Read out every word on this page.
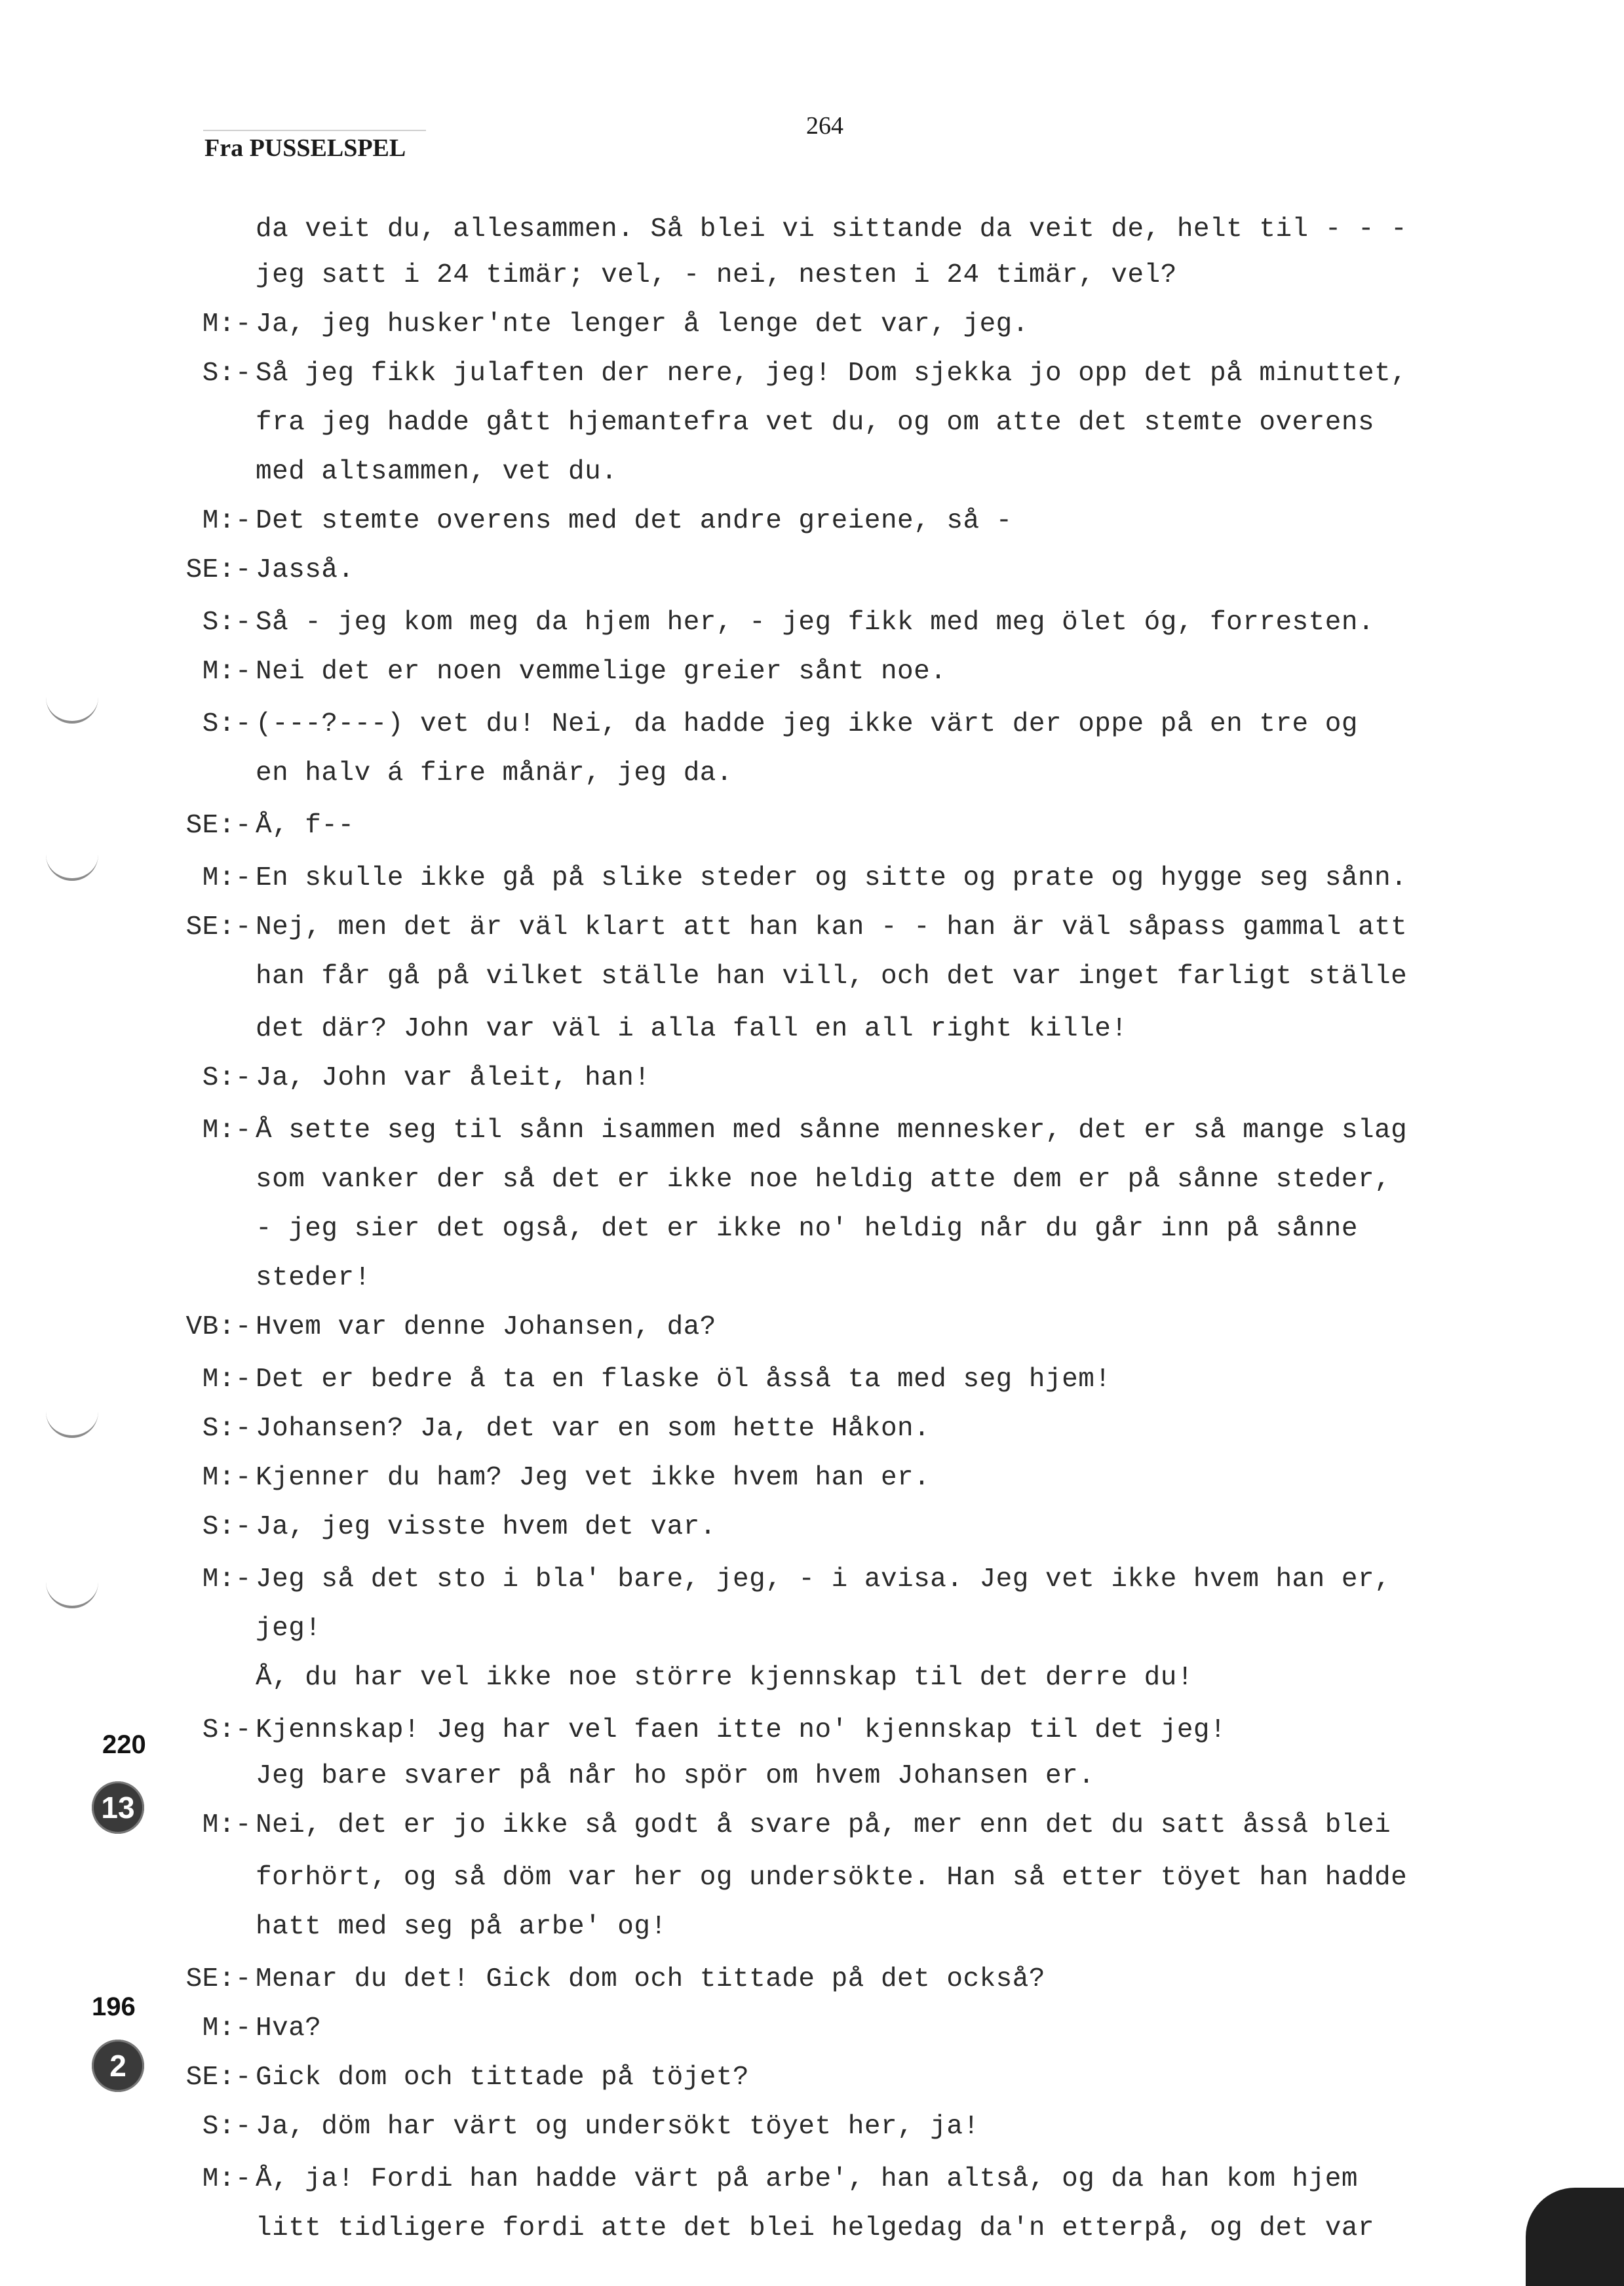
Fra PUSSELSPEL
264
220
13
196
2
da veit du, allesammen. Så blei vi sittande da veit de, helt til - - -
jeg satt i 24 timär; vel, - nei, nesten i 24 timär, vel?
M:- Ja, jeg husker'nte lenger å lenge det var, jeg.
S:- Så jeg fikk julaften der nere, jeg! Dom sjekka jo opp det på minuttet,
fra jeg hadde gått hjemantefra vet du, og om atte det stemte overens
med altsammen, vet du.
M:- Det stemte overens med det andre greiene, så -
SE:- Jasså.
S:- Så - jeg kom meg da hjem her, - jeg fikk med meg ölet óg, forresten.
M:- Nei det er noen vemmelige greier sånt noe.
S:- (---?---) vet du! Nei, da hadde jeg ikke värt der oppe på en tre og
en halv á fire månär, jeg da.
SE:- Å, f--
M:- En skulle ikke gå på slike steder og sitte og prate og hygge seg sånn.
SE:- Nej, men det är väl klart att han kan - - han är väl såpass gammal att
han får gå på vilket ställe han vill, och det var inget farligt ställe
det där? John var väl i alla fall en all right kille!
S:- Ja, John var åleit, han!
M:- Å sette seg til sånn isammen med sånne mennesker, det er så mange slag
som vanker der så det er ikke noe heldig atte dem er på sånne steder,
- jeg sier det også, det er ikke no' heldig når du går inn på sånne
steder!
VB:- Hvem var denne Johansen, da?
M:- Det er bedre å ta en flaske öl åsså ta med seg hjem!
S:- Johansen? Ja, det var en som hette Håkon.
M:- Kjenner du ham? Jeg vet ikke hvem han er.
S:- Ja, jeg visste hvem det var.
M:- Jeg så det sto i bla' bare, jeg, - i avisa. Jeg vet ikke hvem han er,
jeg!
Å, du har vel ikke noe större kjennskap til det derre du!
S:- Kjennskap! Jeg har vel faen itte no' kjennskap til det jeg!
Jeg bare svarer på når ho spör om hvem Johansen er.
M:- Nei, det er jo ikke så godt å svare på, mer enn det du satt åsså blei
forhört, og så döm var her og undersökte. Han så etter töyet han hadde
hatt med seg på arbe' og!
SE:- Menar du det! Gick dom och tittade på det också?
M:- Hva?
SE:- Gick dom och tittade på töjet?
S:- Ja, döm har värt og undersökt töyet her, ja!
M:- Å, ja! Fordi han hadde värt på arbe', han altså, og da han kom hjem
litt tidligere fordi atte det blei helgedag da'n etterpå, og det var
